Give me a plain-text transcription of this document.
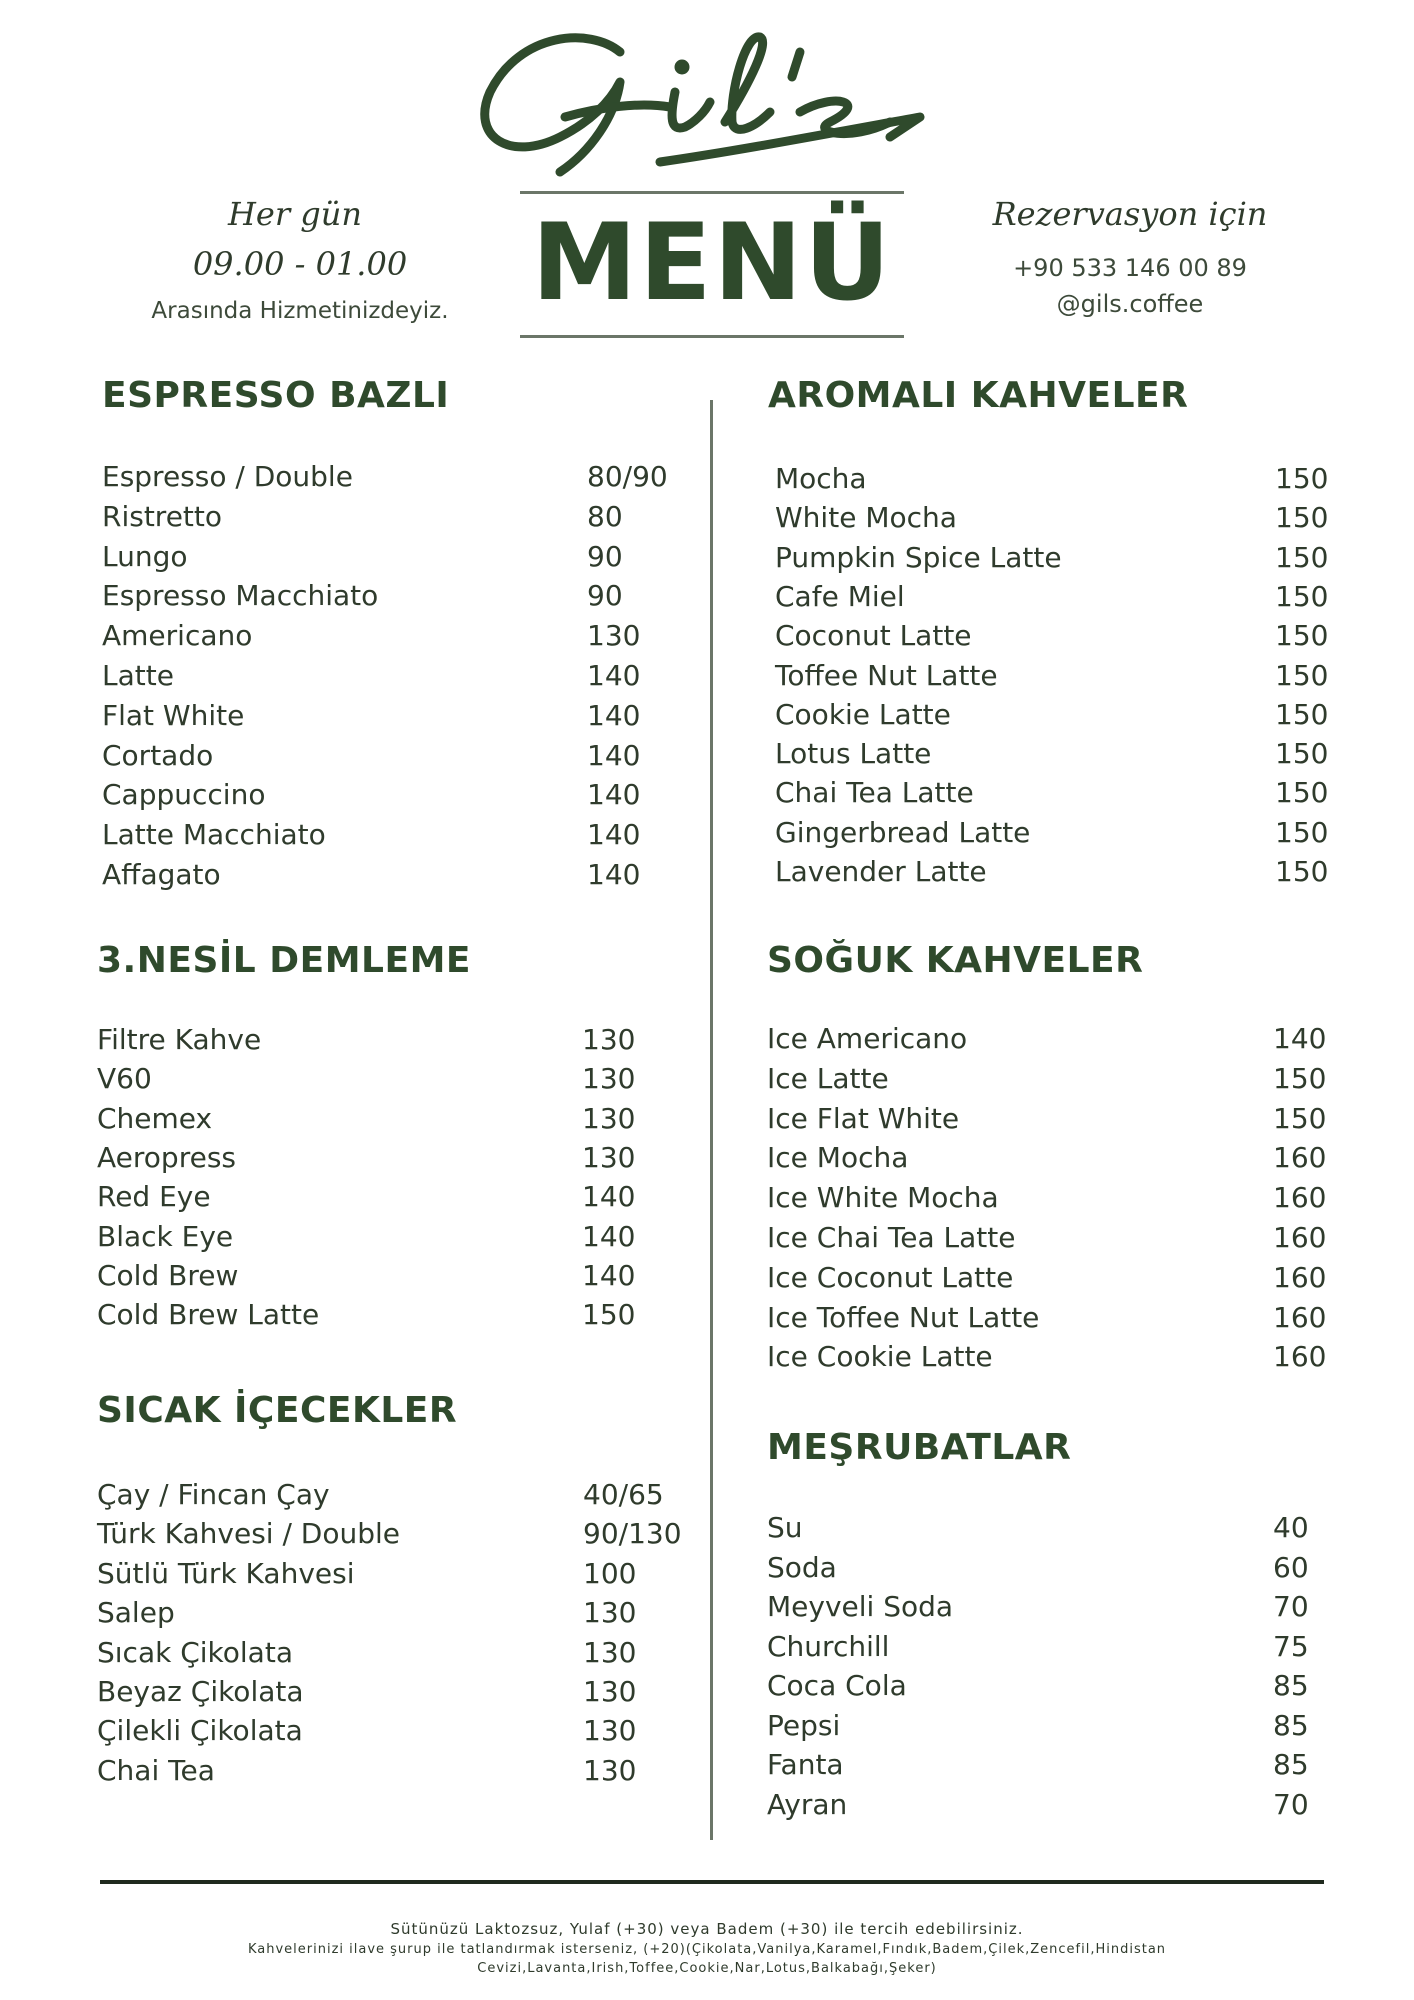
Her gün
09.00 - 01.00
Arasında Hizmetinizdeyiz. MENÜ	Rezervasyon için
+90 533 146 00 89
@gils.coffee
ESPRESSO BAZLI
Espresso / Double	80/90
Ristretto	80
Lungo	90
Espresso Macchiato	90
Americano	130
Latte	140
Flat White	140
Cortado	140
Cappuccino	140
Latte Macchiato	140
Affagato	140
3.NESİL DEMLEME
Filtre Kahve	130
V60	130
Chemex	130
Aeropress	130
Red Eye	140
Black Eye	140
Cold Brew	140
Cold Brew Latte	150
SICAK İÇECEKLER
Çay / Fincan Çay	40/65
Türk Kahvesi / Double	90/130
Sütlü Türk Kahvesi	100
Salep	130
Sıcak Çikolata	130
Beyaz Çikolata	130
Çilekli Çikolata	130
Chai Tea	130
AROMALI KAHVELER
Mocha	150
White Mocha	150
Pumpkin Spice Latte	150
Cafe Miel	150
Coconut Latte	150
Toffee Nut Latte	150
Cookie Latte	150
Lotus Latte	150
Chai Tea Latte	150
Gingerbread Latte	150
Lavender Latte	150
SOĞUK KAHVELER
Ice Americano	140
Ice Latte	150
Ice Flat White	150
Ice Mocha	160
Ice White Mocha	160
Ice Chai Tea Latte	160
Ice Coconut Latte	160
Ice Toffee Nut Latte	160
Ice Cookie Latte	160
MEŞRUBATLAR
Su	40
Soda	60
Meyveli Soda	70
Churchill	75
Coca Cola	85
Pepsi	85
Fanta	85
Ayran	70
Sütünüzü Laktozsuz, Yulaf (+30) veya Badem (+30) ile tercih edebilirsiniz.
Kahvelerinizi ilave şurup ile tatlandırmak isterseniz, (+20)(Çikolata,Vanilya,Karamel,Fındık,Badem,Çilek,Zencefil,Hindistan
Cevizi,Lavanta,Irish,Toffee,Cookie,Nar,Lotus,Balkabağı,Şeker)
